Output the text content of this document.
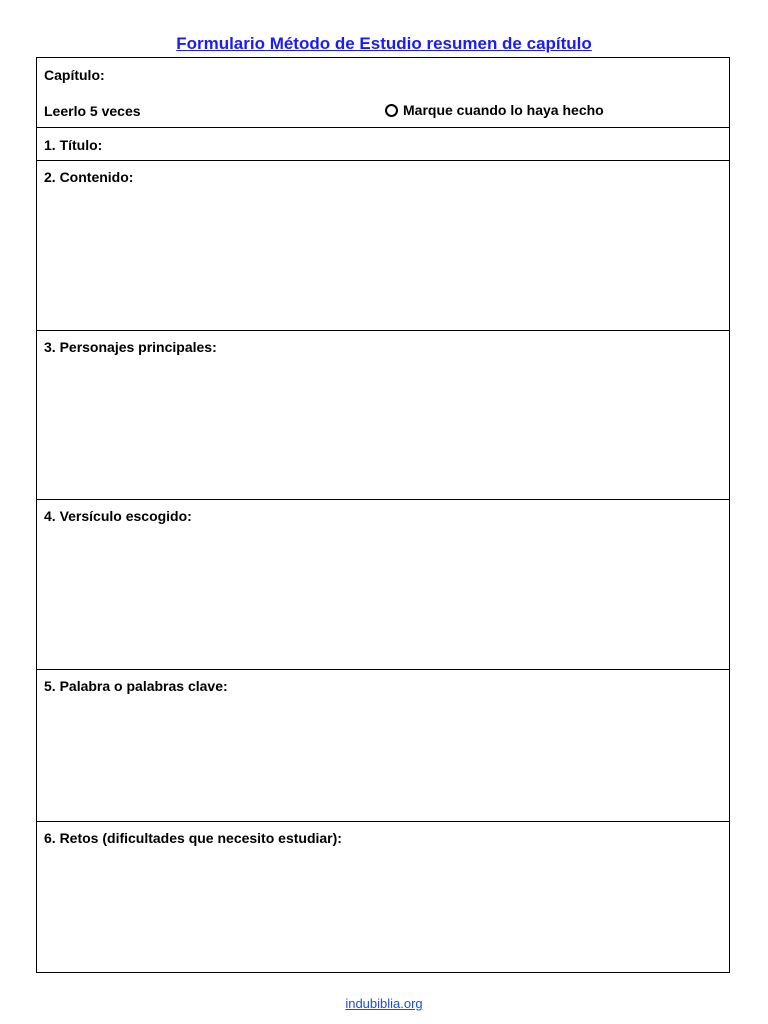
Formulario Método de Estudio resumen de capítulo
Capítulo:
Leerlo 5 veces	Marque cuando lo haya hecho
1. Título:
2. Contenido:
3. Personajes principales:
4. Versículo escogido:
5. Palabra o palabras clave:
6. Retos (dificultades que necesito estudiar):
indubiblia.org
